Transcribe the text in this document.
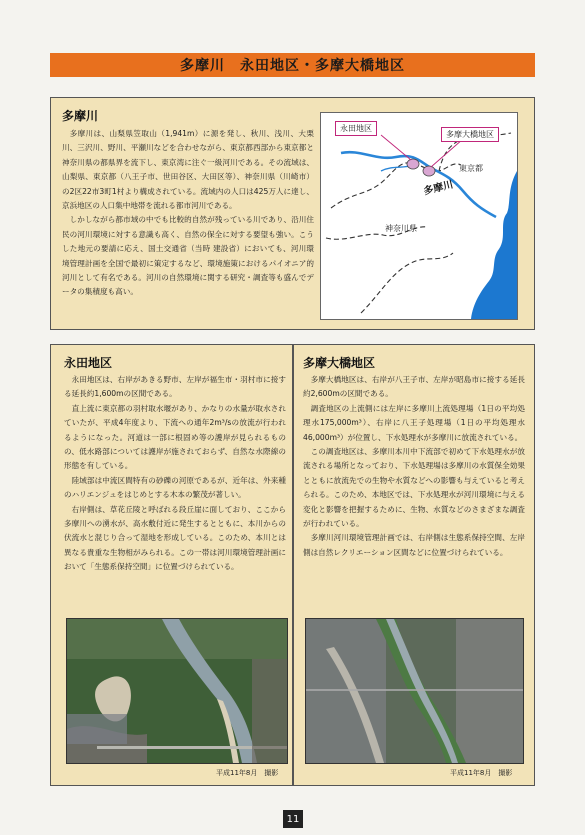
多摩川　永田地区・多摩大橋地区
多摩川

多摩川は、山梨県笠取山（1,941m）に源を発し、秋川、浅川、大栗川、三沢川、野川、平瀬川などを合わせながら、東京都西部から東京都と神奈川県の都県界を流下し、東京湾に注ぐ一級河川である。その流域は、山梨県、東京都（八王子市、世田谷区、大田区等）、神奈川県（川崎市）の2区22市3町1村より構成されている。流域内の人口は425万人に達し、京浜地区の人口集中地帯を流れる都市河川である。

しかしながら都市域の中でも比較的自然が残っている川であり、沿川住民の河川環境に対する意識も高く、自然の保全に対する要望も強い。こうした地元の要請に応え、国土交通省（当時 建設省）においても、河川環境管理計画を全国で最初に策定するなど、環境施策におけるパイオニア的河川として有名である。河川の自然環境に関する研究・調査等も盛んでデータの集積度も高い。

永田地区
多摩大橋地区
東京都
多摩川
神奈川県
永田地区

永田地区は、右岸があきる野市、左岸が福生市・羽村市に接する延長約1,600mの区間である。

直上流に東京都の羽村取水堰があり、かなりの水量が取水されていたが、平成4年度より、下流への通年2m³/sの放流が行われるようになった。河道は一部に根固め等の護岸が見られるものの、低水路部については護岸が施されておらず、自然な水際線の形態を有している。

陸域部は中流区間特有の砂礫の河原であるが、近年は、外来種のハリエンジュをはじめとする木本の繁茂が著しい。

右岸側は、草花丘陵と呼ばれる段丘崖に面しており、ここから多摩川への湧水が、高水敷付近に発生するとともに、本川からの伏流水と混じり合って湿地を形成している。このため、本川とは異なる貴重な生物相がみられる。この一帯は河川環境管理計画において「生態系保持空間」に位置づけられている。

平成11年8月　撮影
多摩大橋地区

多摩大橋地区は、右岸が八王子市、左岸が昭島市に接する延長約2,600mの区間である。

調査地区の上流側には左岸に多摩川上流処理場（1日の平均処理水175,000m³）、右岸に八王子処理場（1日の平均処理水46,000m³）が位置し、下水処理水が多摩川に放流されている。

この調査地区は、多摩川本川中下流部で初めて下水処理水が放流される場所となっており、下水処理場は多摩川の水質保全効果とともに放流先での生物や水質などへの影響も与えていると考えられる。このため、本地区では、下水処理水が河川環境に与える変化と影響を把握するために、生物、水質などのさまざまな調査が行われている。

多摩川河川環境管理計画では、右岸側は生態系保持空間、左岸側は自然レクリエーション区間などに位置づけられている。

平成11年8月　撮影
11
